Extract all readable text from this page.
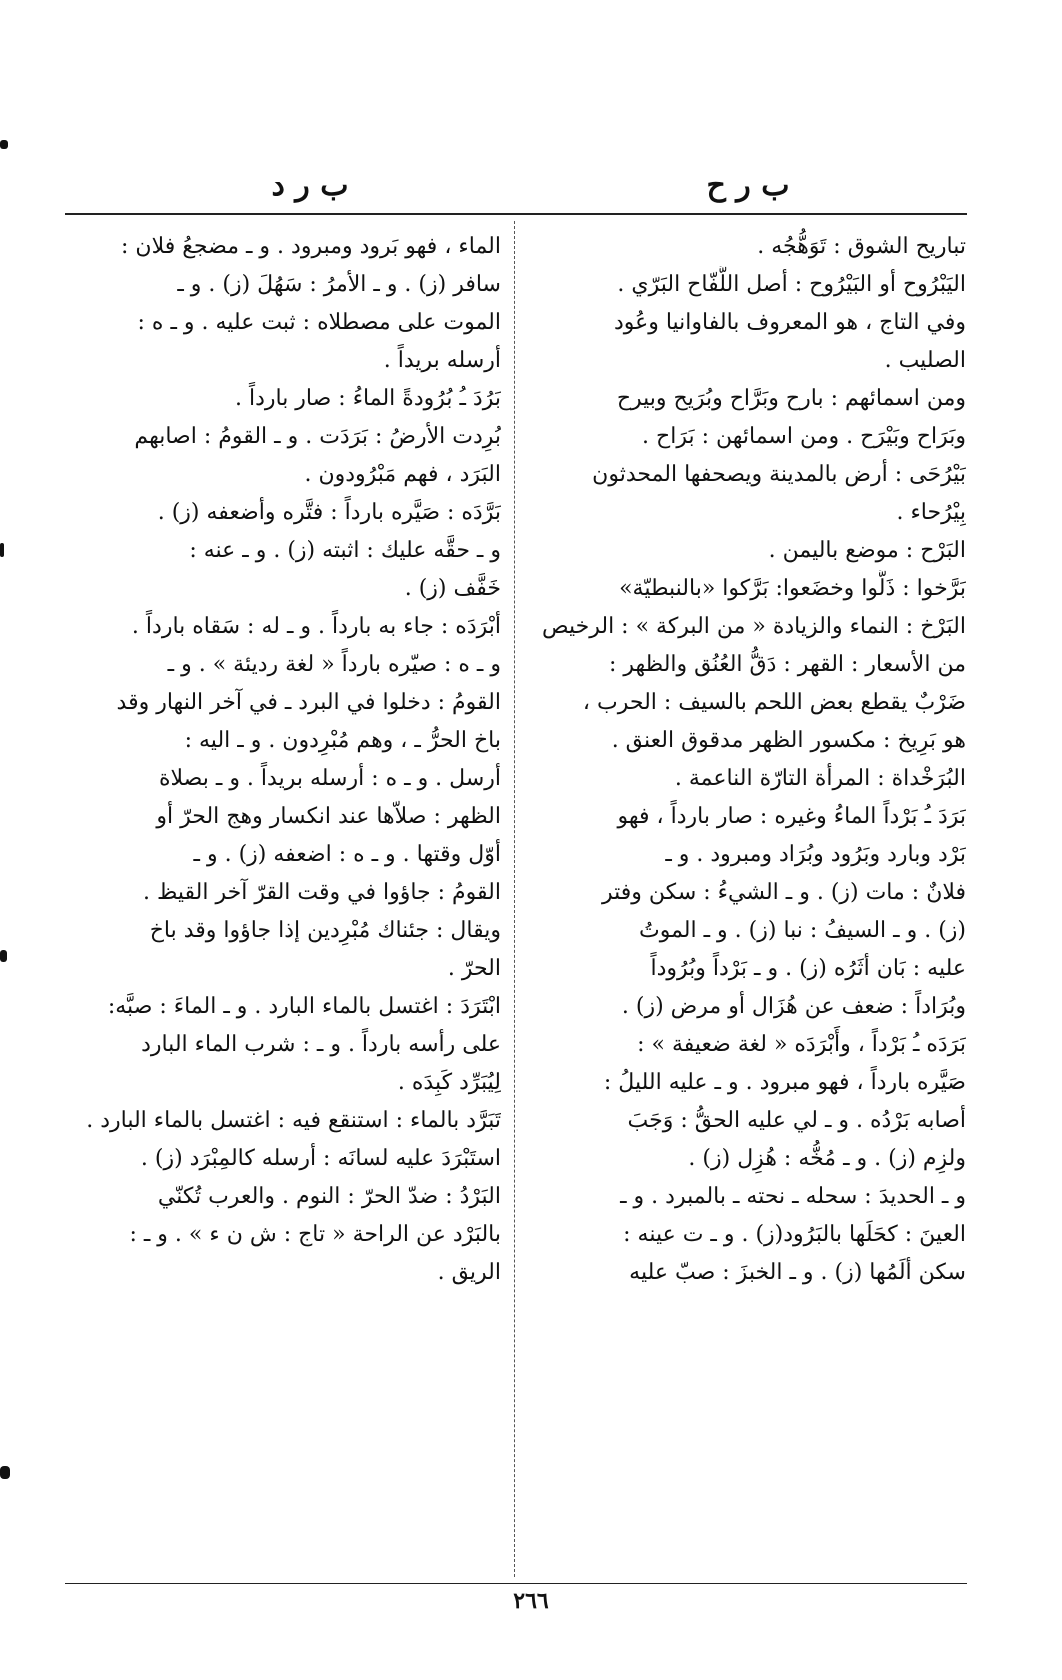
ب ر ح
ب ر د
تباريح الشوق : تَوَهُّجُه .
اليَبْرُوح أو البَيْرُوح : أصل اللُّفّاح البَرّي .
وفي التاج ، هو المعروف بالفاوانيا وعُود
الصليب .
ومن اسمائهم : بارح وبَرَّاح وبُرَيح وبيرح
وبَرَاح وبَيْرَح . ومن اسمائهن : بَرَاح .
بَيْرُحَى : أرض بالمدينة ويصحفها المحدثون
بِيْرُحاء .
البَرْح : موضع باليمن .
بَرَّخوا : ذَلُّوا وخضَعوا: بَرَّكوا «بالنبطيّة»
البَرْخ : النماء والزيادة « من البركة » : الرخيص
من الأسعار : القهر : دَقُّ العُنُق والظهر :
ضَرْبٌ يقطع بعض اللحم بالسيف : الحرب ،
هو بَرِيخ : مكسور الظهر مدقوق العنق .
البُرَخْداة : المرأة التارّة الناعمة .
بَرَدَ ـُ بَرْداً الماءُ وغيره : صار بارداً ، فهو
بَرْد وبارد وبَرُود وبُرَاد ومبرود . و ـ
فلانٌ : مات (ز) . و ـ الشيءُ : سكن وفتر
(ز) . و ـ السيفُ : نبا (ز) . و ـ الموتُ
عليه : بَان أثَرُه (ز) . و ـ بَرْداً وبُرُوداً
وبُرَاداً : ضعف عن هُزَال أو مرض (ز) .
بَرَدَه ـُ بَرْداً ، وأَبْرَدَه « لغة ضعيفة » :
صَيَّره بارداً ، فهو مبرود . و ـ عليه الليلُ :
أصابه بَرْدُه . و ـ لي عليه الحقُّ : وَجَبَ
ولزِم (ز) . و ـ مُخُّه : هُزِل (ز) .
و ـ الحديدَ : سحله ـ نحته ـ بالمبرد . و ـ
العينَ : كحَلَها بالبَرُود(ز) . و ـ ت عينه :
سكن ألَمُها (ز) . و ـ الخبزَ : صبّ عليه
الماء ، فهو بَرود ومبرود . و ـ مضجعُ فلان :
سافر (ز) . و ـ الأمرُ : سَهُلَ (ز) . و ـ
الموت على مصطلاه : ثبت عليه . و ـ ه :
أرسله بريداً .
بَرُدَ ـُ بُرُودةً الماءُ : صار بارداً .
بُرِدت الأرضُ : بَرَدَت . و ـ القومُ : اصابهم
البَرَد ، فهم مَبْرُودون .
بَرَّدَه : صَيَّره بارداً : فتَّره وأضعفه (ز) .
و ـ حقَّه عليك : اثبته (ز) . و ـ عنه :
خَفَّف (ز) .
أبْرَدَه : جاء به بارداً . و ـ له : سَقاه بارداً .
و ـ ه : صيّره بارداً « لغة رديئة » . و ـ
القومُ : دخلوا في البرد ـ في آخر النهار وقد
باخ الحرُّ ـ ، وهم مُبْرِدون . و ـ اليه :
أرسل . و ـ ه : أرسله بريداً . و ـ بصلاة
الظهر : صلاّها عند انكسار وهج الحرّ أو
أوّل وقتها . و ـ ه : اضعفه (ز) . و ـ
القومُ : جاؤوا في وقت القرّ آخر القيظ .
ويقال : جئناك مُبْرِدين إذا جاؤوا وقد باخ
الحرّ .
ابْتَرَدَ : اغتسل بالماء البارد . و ـ الماءَ : صبَّه:
على رأسه بارداً . و ـ : شرب الماء البارد
لِيُبَرِّد كَبِدَه .
تَبَرَّد بالماء : استنقع فيه : اغتسل بالماء البارد .
استَبْرَدَ عليه لسانَه : أرسله كالمِبْرَد (ز) .
البَرْدُ : ضدّ الحرّ : النوم . والعرب تُكنّي
بالبَرْد عن الراحة « تاج : ش ن ء » . و ـ :
الريق .
٢٦٦
